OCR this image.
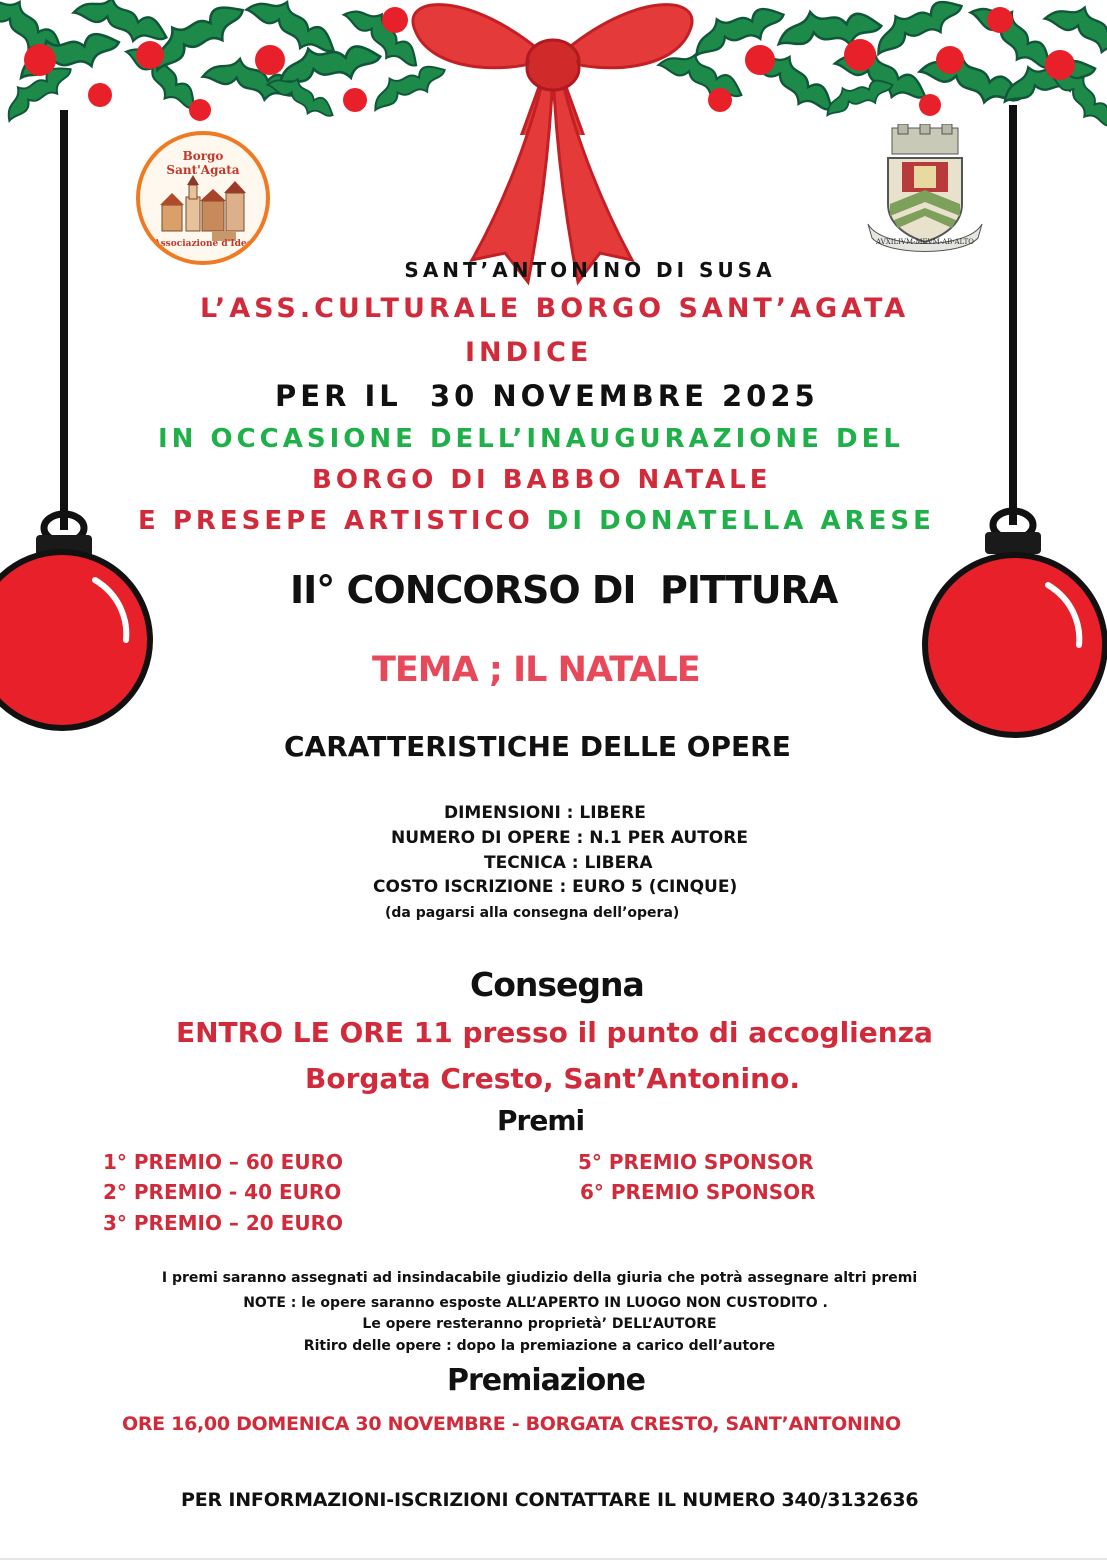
Borgo Sant'Agata
Associazione d'Idee	AVXILIVM·MEVM·AB·ALTO
SANT’ANTONINO DI SUSA
L’ASS.CULTURALE BORGO SANT’AGATA
INDICE
PER IL  30 NOVEMBRE 2025
IN OCCASIONE DELL’INAUGURAZIONE DEL
BORGO DI BABBO NATALE
E PRESEPE ARTISTICO DI DONATELLA ARESE
II° CONCORSO DI  PITTURA
TEMA ; IL NATALE
CARATTERISTICHE DELLE OPERE
DIMENSIONI : LIBERE
NUMERO DI OPERE : N.1 PER AUTORE
TECNICA : LIBERA
COSTO ISCRIZIONE : EURO 5 (CINQUE)
(da pagarsi alla consegna dell’opera)
Consegna
ENTRO LE ORE 11 presso il punto di accoglienza
Borgata Cresto, Sant’Antonino.
Premi
1° PREMIO – 60 EURO
2° PREMIO - 40 EURO
3° PREMIO – 20 EURO
5° PREMIO SPONSOR
6° PREMIO SPONSOR
I premi saranno assegnati ad insindacabile giudizio della giuria che potrà assegnare altri premi
NOTE : le opere saranno esposte ALL’APERTO IN LUOGO NON CUSTODITO .
Le opere resteranno proprietà’ DELL’AUTORE
Ritiro delle opere : dopo la premiazione a carico dell’autore
Premiazione
ORE 16,00 DOMENICA 30 NOVEMBRE - BORGATA CRESTO, SANT’ANTONINO
PER INFORMAZIONI-ISCRIZIONI CONTATTARE IL NUMERO 340/3132636
